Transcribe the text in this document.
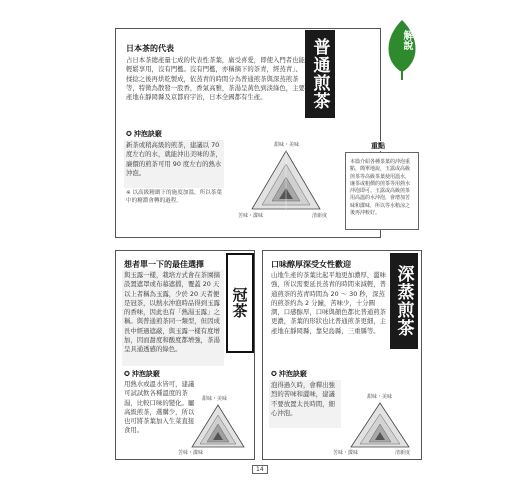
解說
日本茶的代表
占日本茶總產量七成的代表性茶葉，廣受喜愛，即使入門者也能輕鬆享用，沒有門檻。沒有門檻，亦稱摘下的茶青，經蒸青」、揉捻之後再烘乾製成，依蒸青的時間分為普通煎茶與深蒸煎茶等，特徵為散發一股香，香氣高雅，茶湯呈黃色到淡綠色，主要產地在靜岡縣及京都府宇治，日本全國都有生產。
✪ 沖泡訣竅
新茶或稍高級的煎茶，建議以 70 度左右的水，就能沖出美味的茶，廉價的煎茶可用 90 度左右的熱水沖泡。
※ 以高級精緻下的施度加溫，所以茶葉中的糖濃會轉的過程。
甜味・美味
苦味・澀味	清新度
普通煎茶
重點
本篇介紹各種茶葉的沖泡重點，簡單地說，玉露或高級煎茶等高級茶葉使用溫水，廉茶或粗價的煎茶等用熱水沖泡即可。玉露或高級煎茶用高溫的水沖泡，會增加苦味和澀味，所以等水稍涼之後再沖較好。
想者單一下的最佳選擇
與玉露一樣，栽培方式會在茶園摘設置遮罩或布幕遮擋，覆蓋 20 天以上者稱為玉露，少於 20 天者便是冠茶，以熱水沖泡時品得到玉露的香味，因此也有「熱湯玉露」之稱。與普通煎茶同一類型，但因成長中經過遮蔽，與玉露一樣有度增加，因而甜度和酸度都增強，茶湯呈具通透感的綠色。
✪ 沖泡訣竅
用熱水或溫水皆可，建議可試試飲各種溫度的茶湯，比較口味的變化。屬高級煎茶，選購少，所以也可將茶葉加入生菜直接食用。
甜味・美味
苦味・澀味
冠茶
口味醇厚深受女性歡迎
山地生產的茶葉比起平地更加濃厚，澀味強，所以需要延長蒸青的時間來減輕，普通煎茶的蒸青時間為 20 ～ 30 秒，深蒸的煎茶約為 2 分鐘，苦味少，十分圓潤，口感醇厚，口味與顏色都比普通煎茶更濃，茶葉的形狀也比普通煎茶更細，主產地在靜岡縣，靠兒島縣，三重縣等。
✪ 沖泡訣竅
泡得過久時，會釋出強烈的苦味和澀味，建議不要放置太長時間，細心沖泡。
甜味・美味
苦味・澀味	清新度
深蒸煎茶
14
